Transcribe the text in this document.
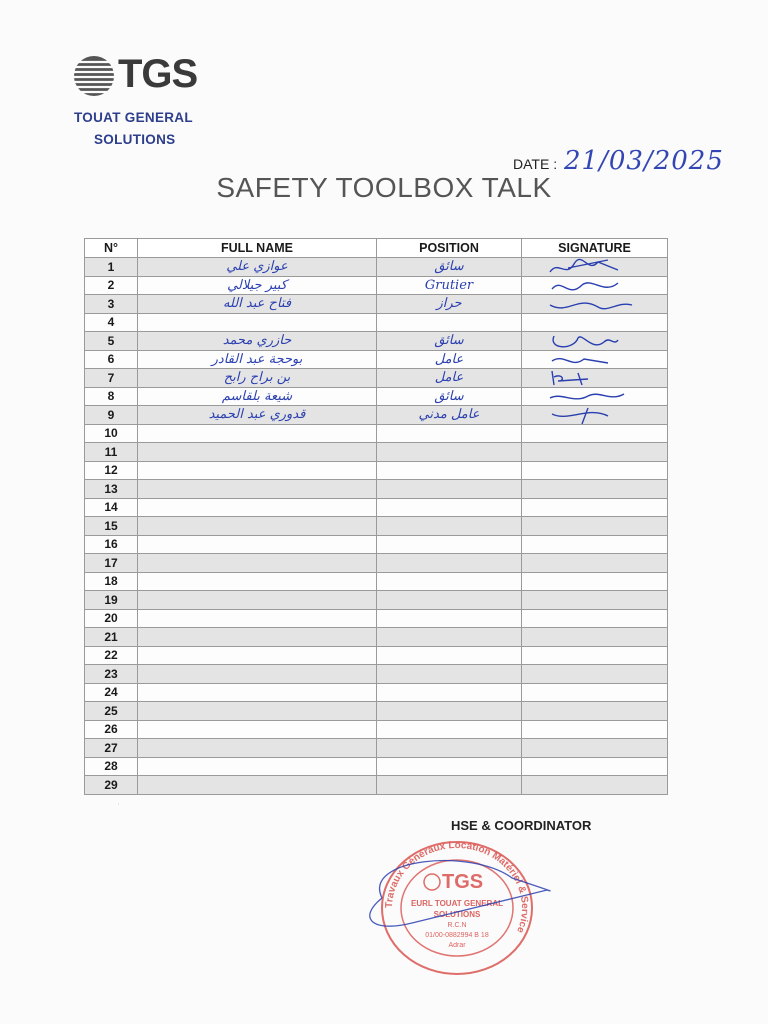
TGS
TOUAT GENERAL
SOLUTIONS
DATE : 21/03/2025
SAFETY TOOLBOX TALK
N°	FULL NAME	POSITION	SIGNATURE
1	عوازي علي	سائق	

2	كبير جيلالي	Grutier	

3	فتاح عبد الله	حراز	

4			
5	حازري محمد	سائق	

6	بوحجة عبد القادر	عامل	

7	بن براح رابح	عامل	

8	شيعة بلقاسم	سائق	

9	قدوري عبد الحميد	عامل مدني	

10			
11			
12			
13			
14			
15			
16			
17			
18			
19			
20			
21			
22			
23			
24			
25			
26			
27			
28			
29			
'
HSE & COORDINATOR
Travaux Généraux Location Matériel & Service
TGS
EURL TOUAT GENERAL
SOLUTIONS
R.C.N
01/00-0882994 B 18
Adrar
